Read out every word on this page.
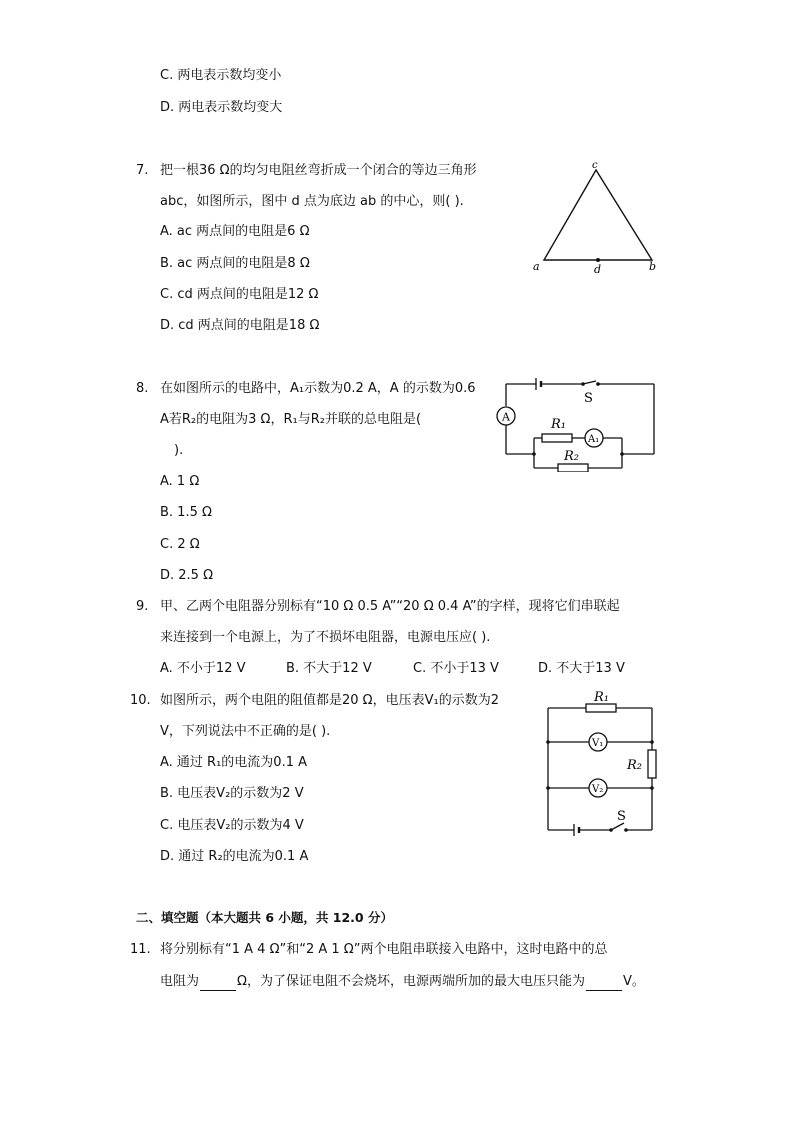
C. 两电表示数均变小
D. 两电表示数均变大
7. 把一根36 Ω的均匀电阻丝弯折成一个闭合的等边三角形
abc，如图所示，图中 d 点为底边 ab 的中心，则( ).
A. ac 两点间的电阻是6 Ω
B. ac 两点间的电阻是8 Ω
C. cd 两点间的电阻是12 Ω
D. cd 两点间的电阻是18 Ω
c
a	d	b
8. 在如图所示的电路中，A₁示数为0.2 A，A 的示数为0.6
A若R₂的电阻为3 Ω，R₁与R₂并联的总电阻是(
).
A. 1 Ω
B. 1.5 Ω
C. 2 Ω
D. 2.5 Ω
S
A	R₁
A₁
R₂
9. 甲、乙两个电阻器分别标有“10 Ω 0.5 A”“20 Ω 0.4 A”的字样，现将它们串联起
来连接到一个电源上，为了不损坏电阻器，电源电压应( ).
A. 不小于12 V	B. 不大于12 V	C. 不小于13 V	D. 不大于13 V
10. 如图所示，两个电阻的阻值都是20 Ω，电压表V₁的示数为2
V，下列说法中不正确的是( ).
A. 通过 R₁的电流为0.1 A
B. 电压表V₂的示数为2 V
C. 电压表V₂的示数为4 V
D. 通过 R₂的电流为0.1 A
R₁
R₂
V₁
V₂
S
二、填空题（本大题共 6 小题，共 12.0 分）
11. 将分别标有“1 A 4 Ω”和“2 A 1 Ω”两个电阻串联接入电路中，这时电路中的总
电阻为	Ω，为了保证电阻不会烧坏，电源两端所加的最大电压只能为	V。
